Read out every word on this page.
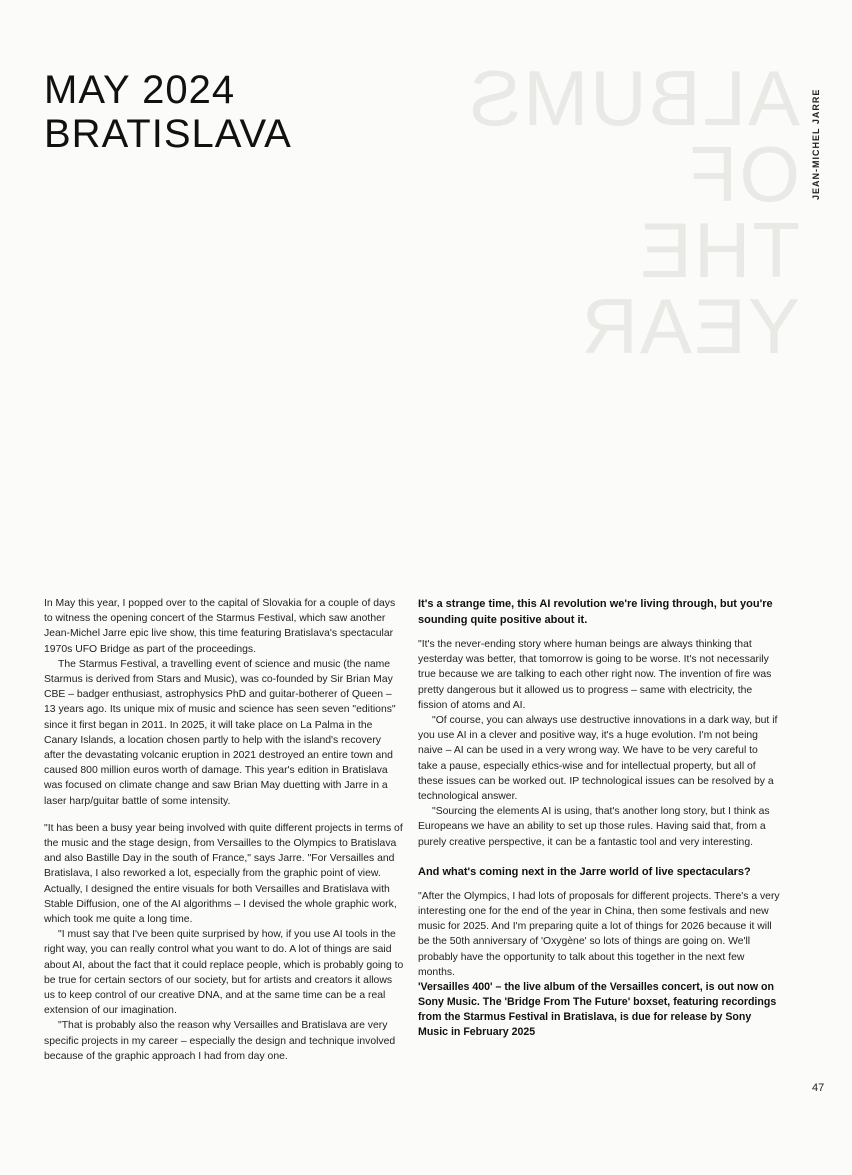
ALBUMS
OF
THE
YEAR
MAY 2024
BRATISLAVA	JEAN-MICHEL JARRE

In May this year, I popped over to the capital of Slovakia for a couple of days to witness the opening concert of the Starmus Festival, which saw another Jean-Michel Jarre epic live show, this time featuring Bratislava's spectacular 1970s UFO Bridge as part of the proceedings.

The Starmus Festival, a travelling event of science and music (the name Starmus is derived from Stars and Music), was co-founded by Sir Brian May CBE – badger enthusiast, astrophysics PhD and guitar-botherer of Queen – 13 years ago. Its unique mix of music and science has seen seven "editions" since it first began in 2011. In 2025, it will take place on La Palma in the Canary Islands, a location chosen partly to help with the island's recovery after the devastating volcanic eruption in 2021 destroyed an entire town and caused 800 million euros worth of damage. This year's edition in Bratislava was focused on climate change and saw Brian May duetting with Jarre in a laser harp/guitar battle of some intensity.

"It has been a busy year being involved with quite different projects in terms of the music and the stage design, from Versailles to the Olympics to Bratislava and also Bastille Day in the south of France," says Jarre. "For Versailles and Bratislava, I also reworked a lot, especially from the graphic point of view. Actually, I designed the entire visuals for both Versailles and Bratislava with Stable Diffusion, one of the AI algorithms – I devised the whole graphic work, which took me quite a long time.

"I must say that I've been quite surprised by how, if you use AI tools in the right way, you can really control what you want to do. A lot of things are said about AI, about the fact that it could replace people, which is probably going to be true for certain sectors of our society, but for artists and creators it allows us to keep control of our creative DNA, and at the same time can be a real extension of our imagination.

"That is probably also the reason why Versailles and Bratislava are very specific projects in my career – especially the design and technique involved because of the graphic approach I had from day one.

It's a strange time, this AI revolution we're living through, but you're sounding quite positive about it.

"It's the never-ending story where human beings are always thinking that yesterday was better, that tomorrow is going to be worse. It's not necessarily true because we are talking to each other right now. The invention of fire was pretty dangerous but it allowed us to progress – same with electricity, the fission of atoms and AI.

"Of course, you can always use destructive innovations in a dark way, but if you use AI in a clever and positive way, it's a huge evolution. I'm not being naive – AI can be used in a very wrong way. We have to be very careful to take a pause, especially ethics-wise and for intellectual property, but all of these issues can be worked out. IP technological issues can be resolved by a technological answer.

"Sourcing the elements AI is using, that's another long story, but I think as Europeans we have an ability to set up those rules. Having said that, from a purely creative perspective, it can be a fantastic tool and very interesting.

And what's coming next in the Jarre world of live spectaculars?

"After the Olympics, I had lots of proposals for different projects. There's a very interesting one for the end of the year in China, then some festivals and new music for 2025. And I'm preparing quite a lot of things for 2026 because it will be the 50th anniversary of 'Oxygène' so lots of things are going on. We'll probably have the opportunity to talk about this together in the next few months.

'Versailles 400' – the live album of the Versailles concert, is out now on Sony Music. The 'Bridge From The Future' boxset, featuring recordings from the Starmus Festival in Bratislava, is due for release by Sony Music in February 2025

47
